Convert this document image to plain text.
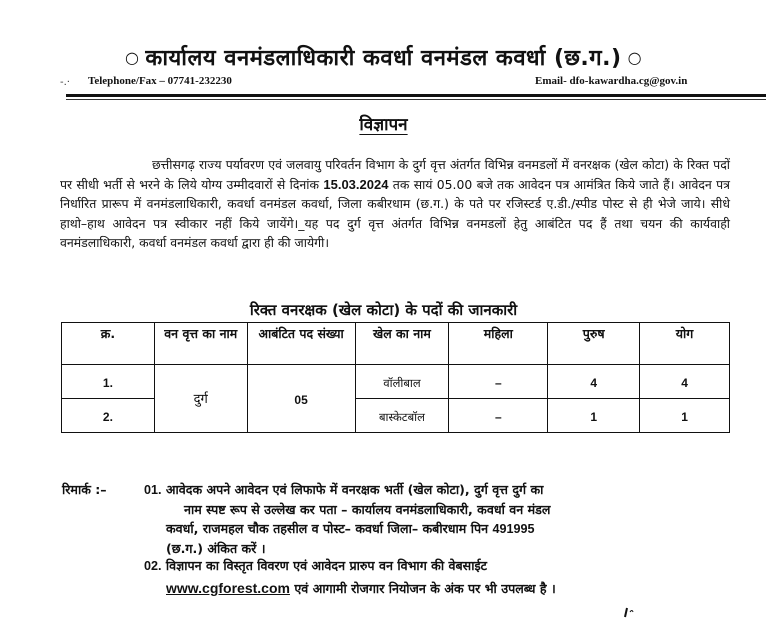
○ कार्यालय वनमंडलाधिकारी कवर्धा वनमंडल कवर्धा (छ.ग.) ○
-.· Telephone/Fax – 07741-232230	Email- dfo-kawardha.cg@gov.in
विज्ञापन

छत्तीसगढ़ राज्य पर्यावरण एवं जलवायु परिवर्तन विभाग के दुर्ग वृत्त अंतर्गत विभिन्न वनमडलों में वनरक्षक (खेल कोटा) के रिक्त पदों पर सीधी भर्ती से भरने के लिये योग्य उम्मीदवारों से दिनांक 15.03.2024 तक सायं 05.00 बजे तक आवेदन पत्र आमंत्रित किये जाते हैं। आवेदन पत्र निर्धारित प्रारूप में वनमंडलाधिकारी, कवर्धा वनमंडल कवर्धा, जिला कबीरधाम (छ.ग.) के पते पर रजिस्टर्ड ए.डी./स्पीड पोस्ट से ही भेजे जाये। सीधे हाथो–हाथ आवेदन पत्र स्वीकार नहीं किये जायेंगे।_यह पद दुर्ग वृत्त अंतर्गत विभिन्न वनमडलों हेतु आबंटित पद हैं तथा चयन की कार्यवाही वनमंडलाधिकारी, कवर्धा वनमंडल कवर्धा द्वारा ही की जायेगी।

रिक्त वनरक्षक (खेल कोटा) के पदों की जानकारी
क्र.	वन वृत्त का नाम	आबंटित पद संख्या	खेल का नाम	महिला	पुरुष	योग
1.	दुर्ग	05	वॉलीबाल	–	4	4
2.			बास्केटबॉल	–	1	1
रिमार्क :–	01. आवेदक अपने आवेदन एवं लिफाफे में वनरक्षक भर्ती (खेल कोटा), दुर्ग वृत्त दुर्ग का
नाम स्पष्ट रूप से उल्लेख कर पता – कार्यालय वनमंडलाधिकारी, कवर्धा वन मंडल
कवर्धा, राजमहल चौक तहसील व पोस्ट– कवर्धा जिला– कबीरधाम पिन 491995
(छ.ग.) अंकित करें ।
02. विज्ञापन का विस्तृत विवरण एवं आवेदन प्रारुप वन विभाग की वेबसाईट
www.cgforest.com एवं आगामी रोजगार नियोजन के अंक पर भी उपलब्ध है ।
